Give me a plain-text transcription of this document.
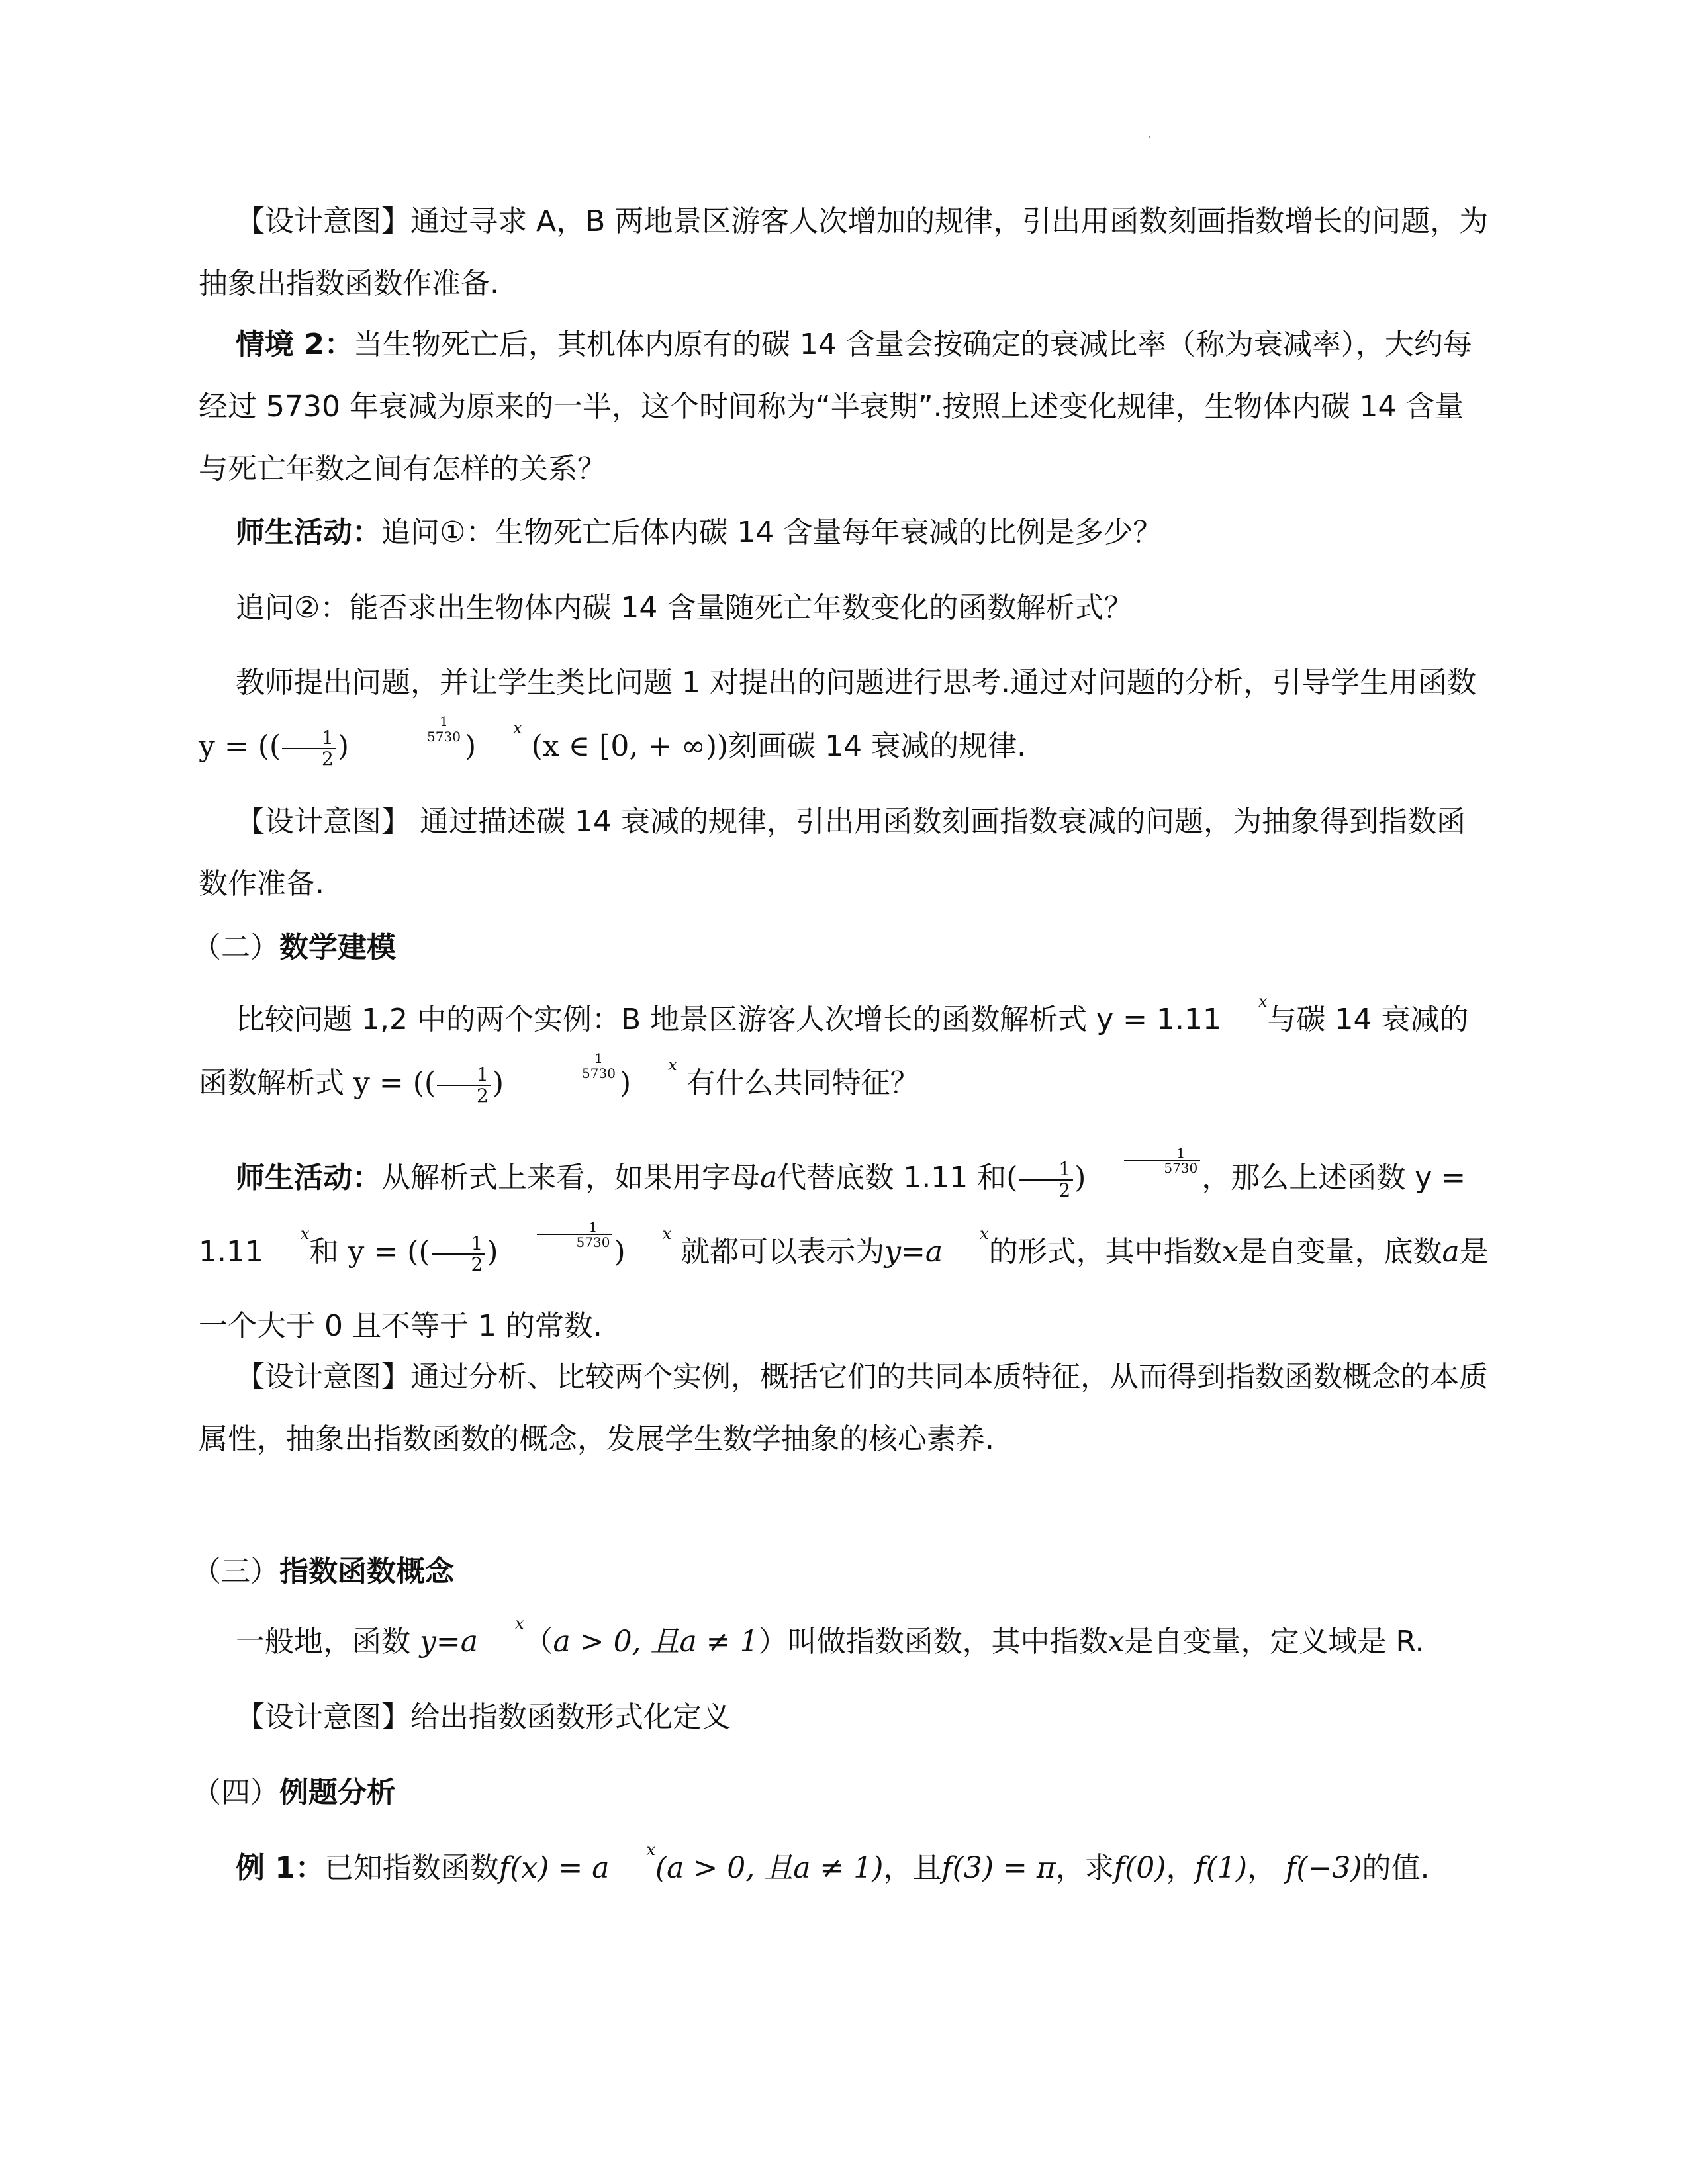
【设计意图】通过寻求 A，B 两地景区游客人次增加的规律，引出用函数刻画指数增长的问题，为抽象出指数函数作准备.

情境 2：当生物死亡后，其机体内原有的碳 14 含量会按确定的衰减比率（称为衰减率），大约每经过 5730 年衰减为原来的一半，这个时间称为“半衰期”.按照上述变化规律，生物体内碳 14 含量与死亡年数之间有怎样的关系？

师生活动：追问①：生物死亡后体内碳 14 含量每年衰减的比例是多少？

追问②：能否求出生物体内碳 14 含量随死亡年数变化的函数解析式？

教师提出问题，并让学生类比问题 1 对提出的问题进行思考.通过对问题的分析，引导学生用函数
y = (( $\frac{1}{2}$ )
$\frac{1}{5730}$
)x (x ∈ [0, + ∞))刻画碳 14 衰减的规律.

【设计意图】 通过描述碳 14 衰减的规律，引出用函数刻画指数衰减的问题，为抽象得到指数函数作准备.

（二）数学建模

比较问题 1,2 中的两个实例：B 地景区游客人次增长的函数解析式 y = 1.11x与碳 14 衰减的函数解析式 y = (( $\frac{1}{2}$ )
$\frac{1}{5730}$
)x 有什么共同特征？

师生活动：从解析式上来看，如果用字母a代替底数 1.11 和( $\frac{1}{2}$ )
$\frac{1}{5730}$
，那么上述函数 y = 1.11x和 y = (( $\frac{1}{2}$ )
$\frac{1}{5730}$
)x 就都可以表示为y=ax的形式，其中指数x是自变量，底数a是一个大于 0 且不等于 1 的常数.

【设计意图】通过分析、比较两个实例，概括它们的共同本质特征，从而得到指数函数概念的本质属性，抽象出指数函数的概念，发展学生数学抽象的核心素养.

（三）指数函数概念

一般地，函数 y=ax（a > 0, 且a ≠ 1）叫做指数函数，其中指数x是自变量，定义域是 R.

【设计意图】给出指数函数形式化定义

（四）例题分析

例 1：已知指数函数f(x) = ax(a > 0, 且a ≠ 1)，且f(3) = π，求f(0)，f(1)， f(−3)的值.
